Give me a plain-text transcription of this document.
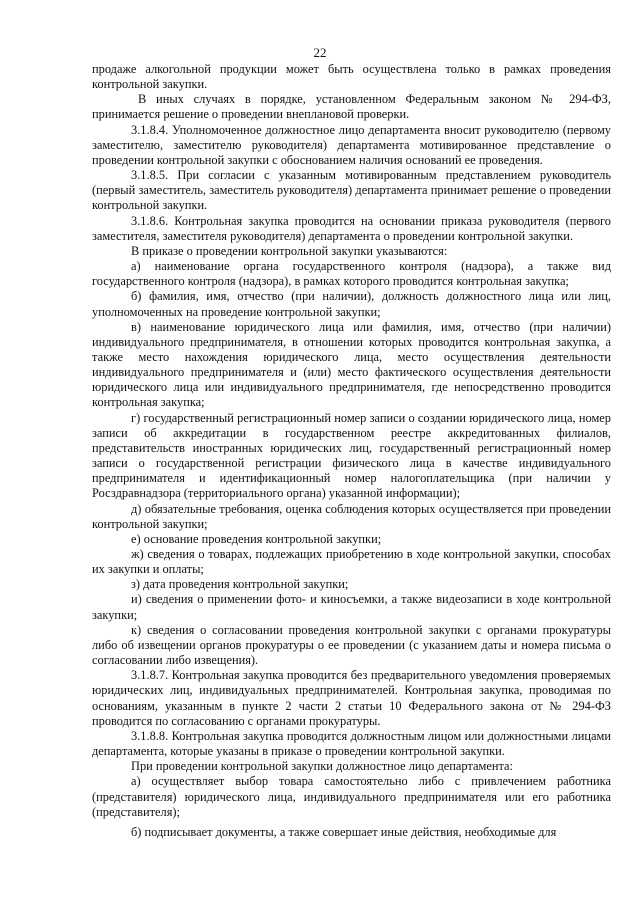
22

продаже алкогольной продукции может быть осуществлена только в рамках проведения контрольной закупки.

В иных случаях в порядке, установленном Федеральным законом № 294-ФЗ, принимается решение о проведении внеплановой проверки.

3.1.8.4. Уполномоченное должностное лицо департамента вносит руководителю (первому заместителю, заместителю руководителя) департамента мотивированное представление о проведении контрольной закупки с обоснованием наличия оснований ее проведения.

3.1.8.5. При согласии с указанным мотивированным представлением руководитель (первый заместитель, заместитель руководителя) департамента принимает решение о проведении контрольной закупки.

3.1.8.6. Контрольная закупка проводится на основании приказа руководителя (первого заместителя, заместителя руководителя) департамента о проведении контрольной закупки.

В приказе о проведении контрольной закупки указываются:

а) наименование органа государственного контроля (надзора), а также вид государственного контроля (надзора), в рамках которого проводится контрольная закупка;

б) фамилия, имя, отчество (при наличии), должность должностного лица или лиц, уполномоченных на проведение контрольной закупки;

в) наименование юридического лица или фамилия, имя, отчество (при наличии) индивидуального предпринимателя, в отношении которых проводится контрольная закупка, а также место нахождения юридического лица, место осуществления деятельности индивидуального предпринимателя и (или) место фактического осуществления деятельности юридического лица или индивидуального предпринимателя, где непосредственно проводится контрольная закупка;

г) государственный регистрационный номер записи о создании юридического лица, номер записи об аккредитации в государственном реестре аккредитованных филиалов, представительств иностранных юридических лиц, государственный регистрационный номер записи о государственной регистрации физического лица в качестве индивидуального предпринимателя и идентификационный номер налогоплательщика (при наличии у Росздравнадзора (территориального органа) указанной информации);

д) обязательные требования, оценка соблюдения которых осуществляется при проведении контрольной закупки;

е) основание проведения контрольной закупки;

ж) сведения о товарах, подлежащих приобретению в ходе контрольной закупки, способах их закупки и оплаты;

з) дата проведения контрольной закупки;

и) сведения о применении фото- и киносъемки, а также видеозаписи в ходе контрольной закупки;

к) сведения о согласовании проведения контрольной закупки с органами прокуратуры либо об извещении органов прокуратуры о ее проведении (с указанием даты и номера письма о согласовании либо извещения).

3.1.8.7. Контрольная закупка проводится без предварительного уведомления проверяемых юридических лиц, индивидуальных предпринимателей. Контрольная закупка, проводимая по основаниям, указанным в пункте 2 части 2 статьи 10 Федерального закона от № 294-ФЗ проводится по согласованию с органами прокуратуры.

3.1.8.8. Контрольная закупка проводится должностным лицом или должностными лицами департамента, которые указаны в приказе о проведении контрольной закупки.

При проведении контрольной закупки должностное лицо департамента:

а) осуществляет выбор товара самостоятельно либо с привлечением работника (представителя) юридического лица, индивидуального предпринимателя или его работника (представителя);

б) подписывает документы, а также совершает иные действия, необходимые для
